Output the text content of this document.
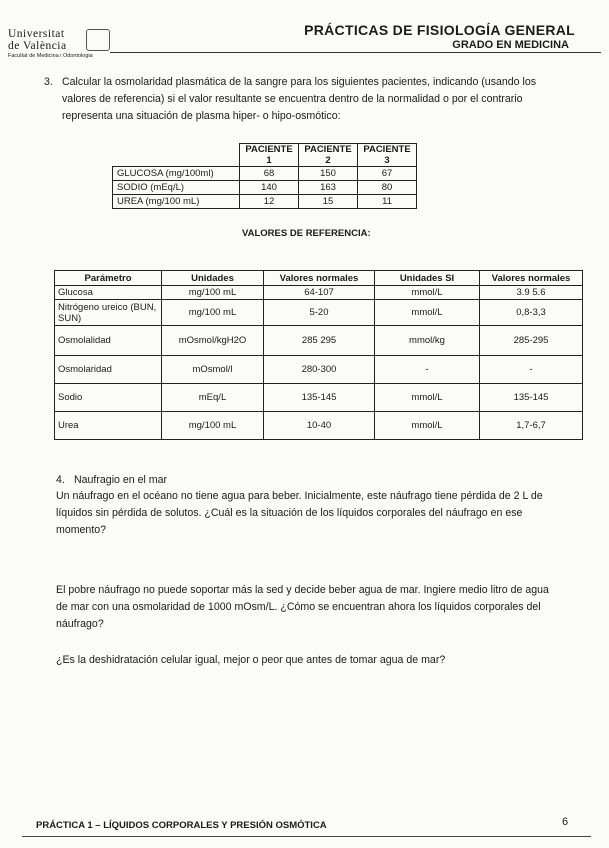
Universitat
de València
Facultat de Medicina i Odontologia
PRÁCTICAS DE FISIOLOGÍA GENERAL
GRADO EN MEDICINA
3. Calcular la osmolaridad plasmática de la sangre para los siguientes pacientes, indicando (usando los valores de referencia) si el valor resultante se encuentra dentro de la normalidad o por el contrario representa una situación de plasma hiper- o hipo-osmótico:
	PACIENTE 1	PACIENTE 2	PACIENTE 3
GLUCOSA (mg/100ml)	68	150	67
SODIO (mEq/L)	140	163	80
UREA (mg/100 mL)	12	15	11
VALORES DE REFERENCIA:
Parámetro	Unidades	Valores normales	Unidades SI	Valores normales
Glucosa	mg/100 mL	64-107	mmol/L	3.9 5.6
Nitrógeno ureico (BUN, SUN)	mg/100 mL	5-20	mmol/L	0,8-3,3
Osmolalidad	mOsmol/kgH2O	285 295	mmol/kg	285-295
Osmolaridad	mOsmol/l	280-300	-	-
Sodio	mEq/L	135-145	mmol/L	135-145
Urea	mg/100 mL	10-40	mmol/L	1,7-6,7
4. Naufragio en el mar
Un náufrago en el océano no tiene agua para beber. Inicialmente, este náufrago tiene pérdida de 2 L de líquidos sin pérdida de solutos. ¿Cuál es la situación de los líquidos corporales del náufrago en ese momento?
El pobre náufrago no puede soportar más la sed y decide beber agua de mar. Ingiere medio litro de agua de mar con una osmolaridad de 1000 mOsm/L. ¿Cómo se encuentran ahora los líquidos corporales del náufrago?
¿Es la deshidratación celular igual, mejor o peor que antes de tomar agua de mar?
PRÁCTICA 1 – LÍQUIDOS CORPORALES Y PRESIÓN OSMÓTICA	6
